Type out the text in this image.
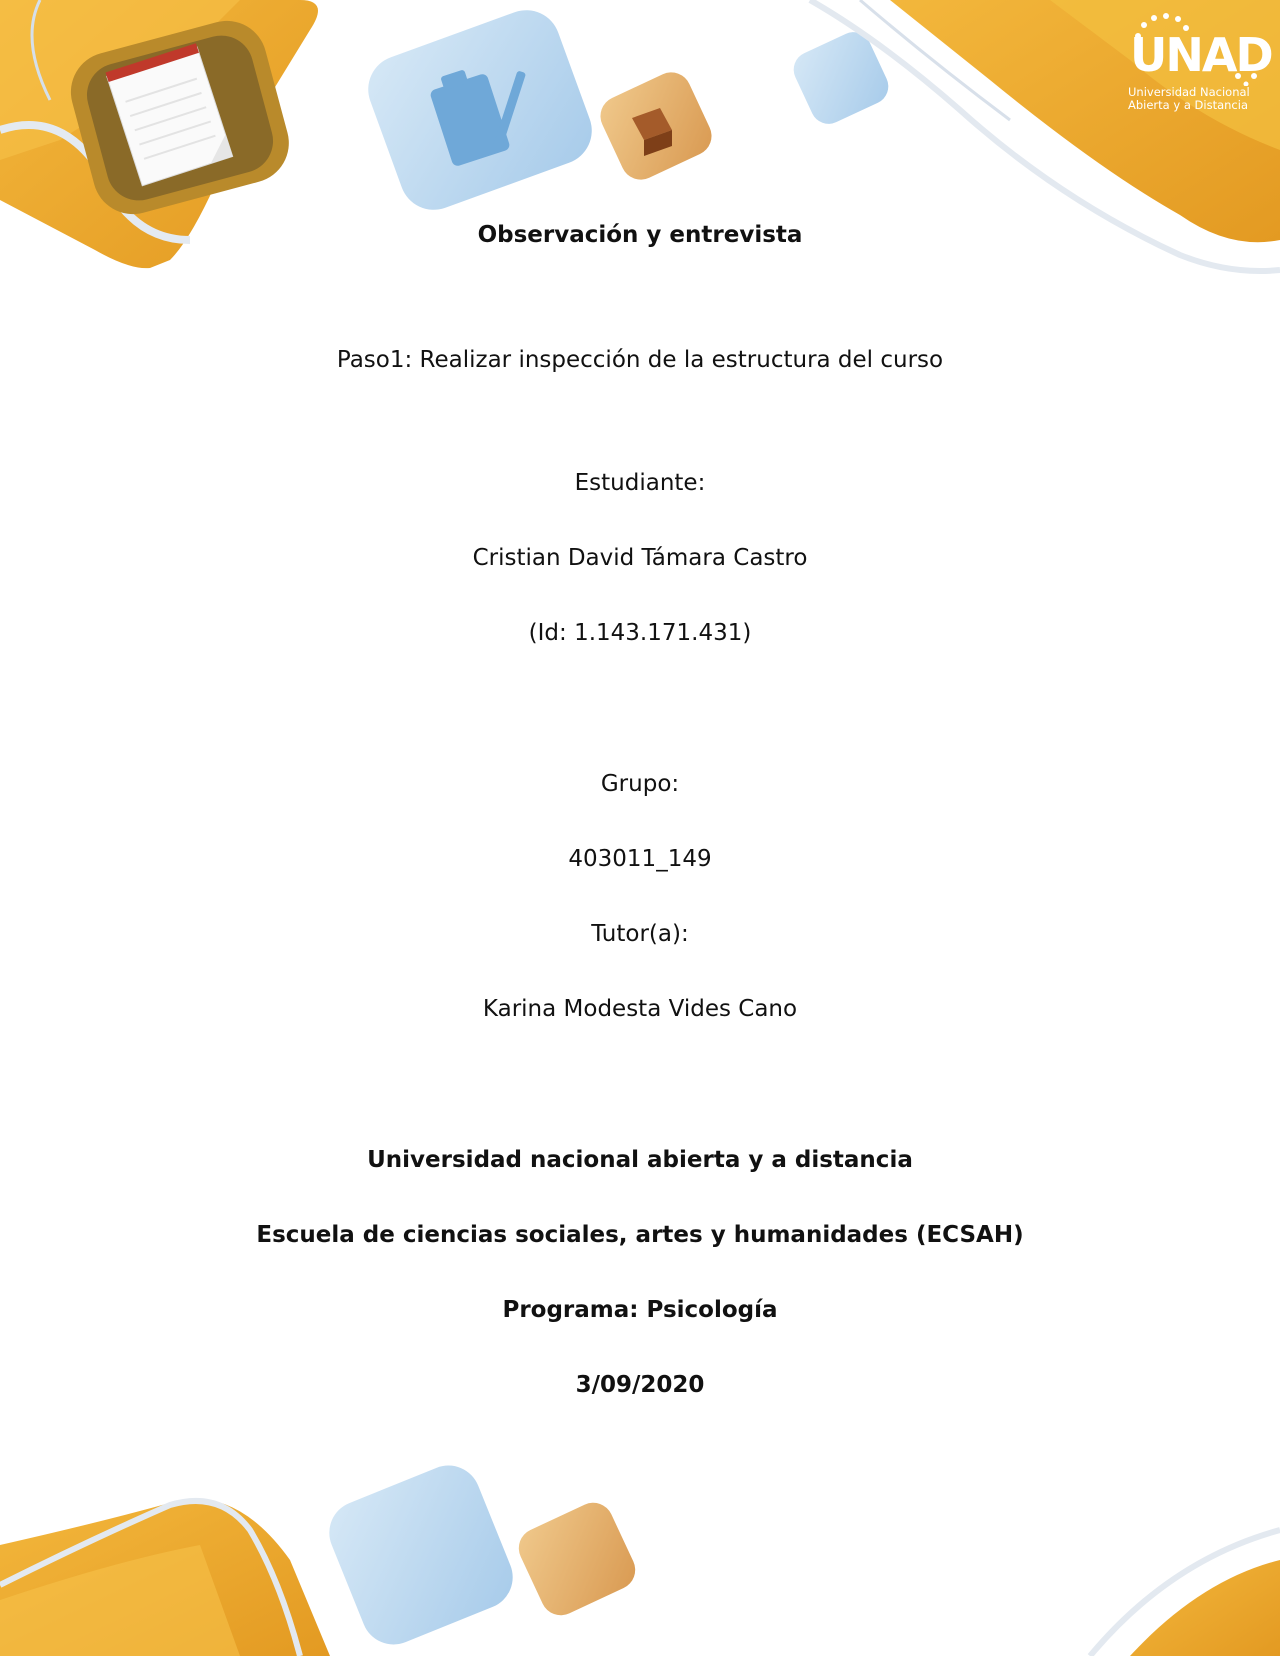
UNAD
Universidad Nacional
Abierta y a Distancia
Observación y entrevista
Paso1: Realizar inspección de la estructura del curso
Estudiante:
Cristian David Támara Castro
(Id: 1.143.171.431)
Grupo:
403011_149
Tutor(a):
Karina Modesta Vides Cano
Universidad nacional abierta y a distancia
Escuela de ciencias sociales, artes y humanidades (ECSAH)
Programa: Psicología
3/09/2020
